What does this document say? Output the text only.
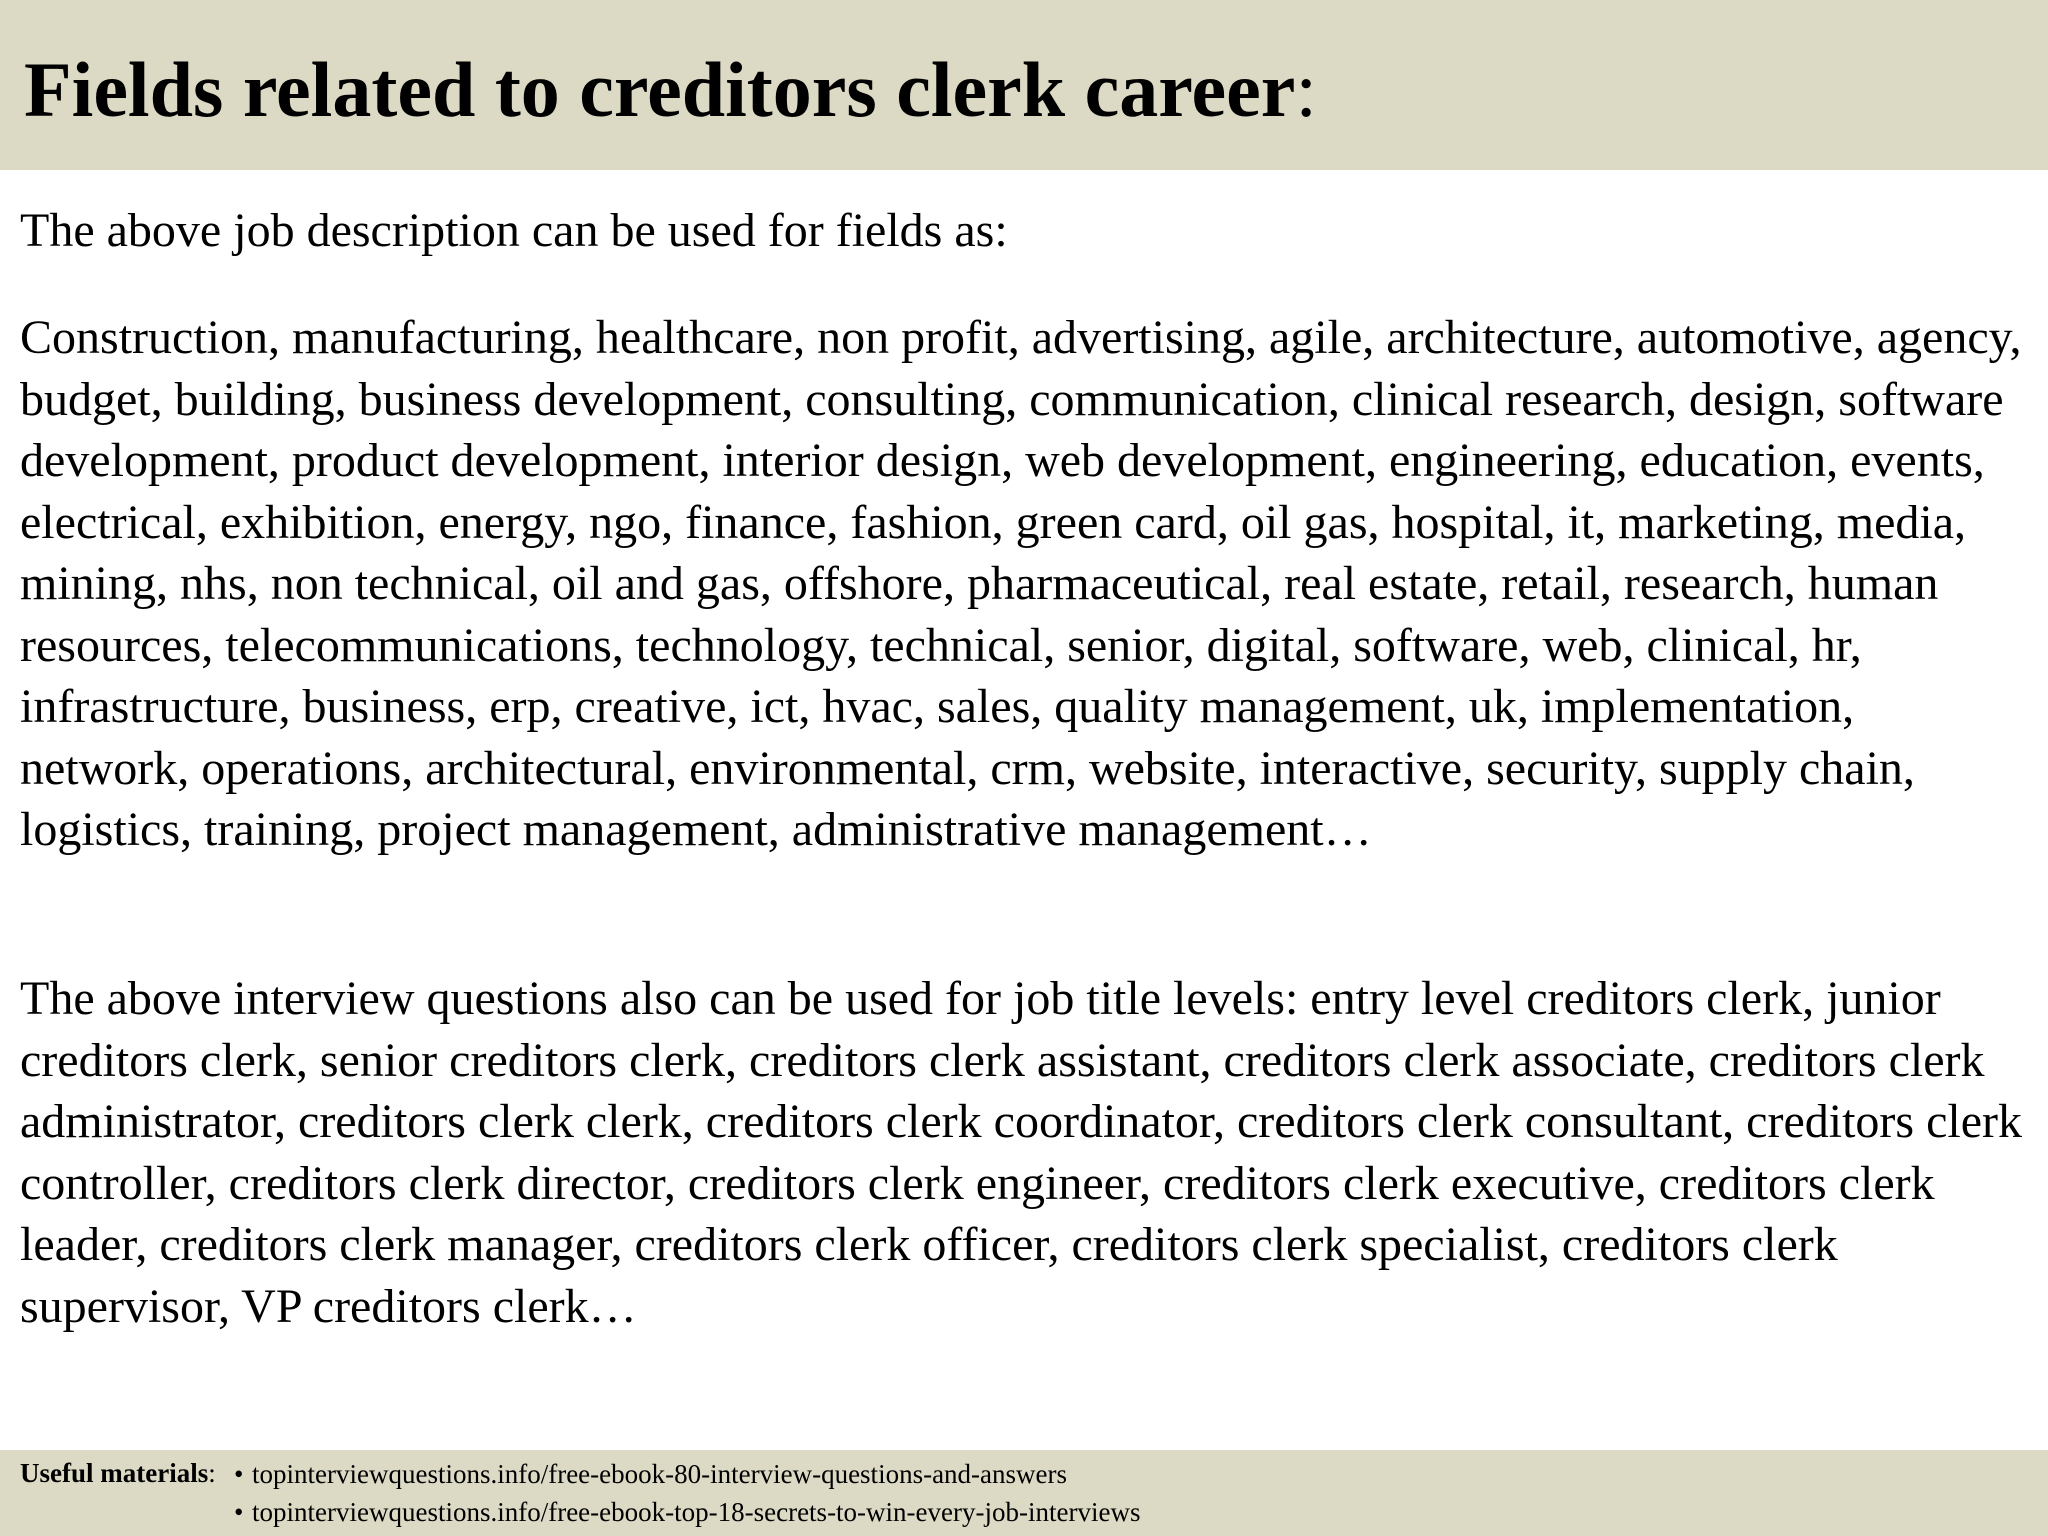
Fields related to creditors clerk career:

The above job description can be used for fields as:

Construction, manufacturing, healthcare, non profit, advertising, agile, architecture, automotive, agency, budget, building, business development, consulting, communication, clinical research, design, software development, product development, interior design, web development, engineering, education, events, electrical, exhibition, energy, ngo, finance, fashion, green card, oil gas, hospital, it, marketing, media, mining, nhs, non technical, oil and gas, offshore, pharmaceutical, real estate, retail, research, human resources, telecommunications, technology, technical, senior, digital, software, web, clinical, hr, infrastructure, business, erp, creative, ict, hvac, sales, quality management, uk, implementation, network, operations, architectural, environmental, crm, website, interactive, security, supply chain, logistics, training, project management, administrative management…

The above interview questions also can be used for job title levels: entry level creditors clerk, junior creditors clerk, senior creditors clerk, creditors clerk assistant, creditors clerk associate, creditors clerk administrator, creditors clerk clerk, creditors clerk coordinator, creditors clerk consultant, creditors clerk controller, creditors clerk director, creditors clerk engineer, creditors clerk executive, creditors clerk leader, creditors clerk manager, creditors clerk officer, creditors clerk specialist, creditors clerk supervisor, VP creditors clerk…

Useful materials: • topinterviewquestions.info/free-ebook-80-interview-questions-and-answers
• topinterviewquestions.info/free-ebook-top-18-secrets-to-win-every-job-interviews
